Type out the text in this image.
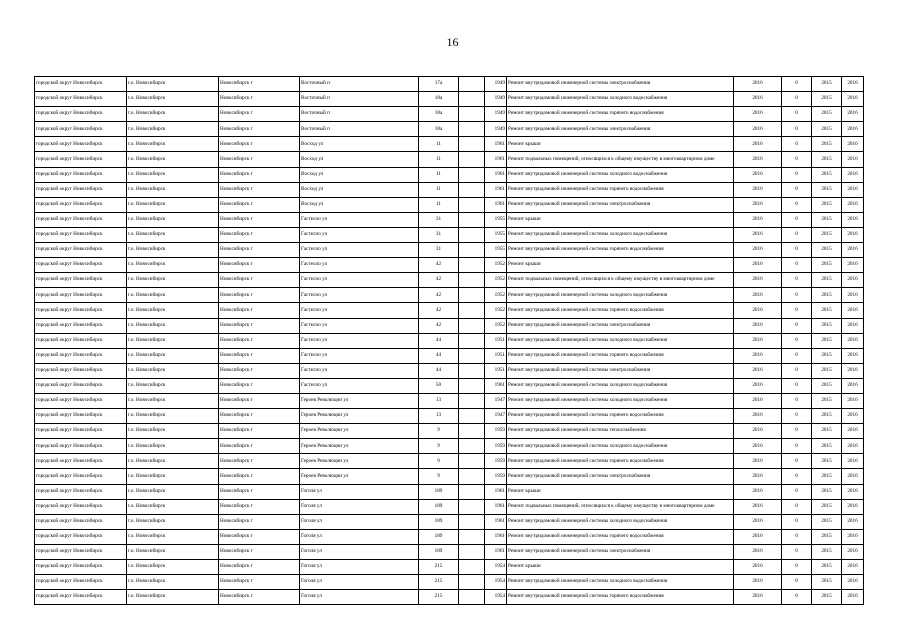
16
городской округ Новосибирск	г.о. Новосибирск	Новосибирск г	Восточный п	17а		1949	Ремонт внутридомовой инженерной системы электроснабжения	2016	0	2015	2016
городской округ Новосибирск	г.о. Новосибирск	Новосибирск г	Восточный п	18а		1949	Ремонт внутридомовой инженерной системы холодного водоснабжения	2016	0	2015	2016
городской округ Новосибирск	г.о. Новосибирск	Новосибирск г	Восточный п	18а		1949	Ремонт внутридомовой инженерной системы горячего водоснабжения	2016	0	2015	2016
городской округ Новосибирск	г.о. Новосибирск	Новосибирск г	Восточный п	18а		1949	Ремонт внутридомовой инженерной системы электроснабжения	2016	0	2015	2016
городской округ Новосибирск	г.о. Новосибирск	Новосибирск г	Восход ул	11		1961	Ремонт крыши	2016	0	2015	2016
городской округ Новосибирск	г.о. Новосибирск	Новосибирск г	Восход ул	11		1961	Ремонт подвальных помещений, относящихся к общему имуществу в многоквартирном доме	2016	0	2015	2016
городской округ Новосибирск	г.о. Новосибирск	Новосибирск г	Восход ул	11		1961	Ремонт внутридомовой инженерной системы холодного водоснабжения	2016	0	2015	2016
городской округ Новосибирск	г.о. Новосибирск	Новосибирск г	Восход ул	11		1961	Ремонт внутридомовой инженерной системы горячего водоснабжения	2016	0	2015	2016
городской округ Новосибирск	г.о. Новосибирск	Новосибирск г	Восход ул	11		1961	Ремонт внутридомовой инженерной системы электроснабжения	2016	0	2015	2016
городской округ Новосибирск	г.о. Новосибирск	Новосибирск г	Гастелло ул	31		1955	Ремонт крыши	2016	0	2015	2016
городской округ Новосибирск	г.о. Новосибирск	Новосибирск г	Гастелло ул	31		1955	Ремонт внутридомовой инженерной системы холодного водоснабжения	2016	0	2015	2016
городской округ Новосибирск	г.о. Новосибирск	Новосибирск г	Гастелло ул	31		1955	Ремонт внутридомовой инженерной системы горячего водоснабжения	2016	0	2015	2016
городской округ Новосибирск	г.о. Новосибирск	Новосибирск г	Гастелло ул	42		1952	Ремонт крыши	2016	0	2015	2016
городской округ Новосибирск	г.о. Новосибирск	Новосибирск г	Гастелло ул	42		1952	Ремонт подвальных помещений, относящихся к общему имуществу в многоквартирном доме	2016	0	2015	2016
городской округ Новосибирск	г.о. Новосибирск	Новосибирск г	Гастелло ул	42		1952	Ремонт внутридомовой инженерной системы холодного водоснабжения	2016	0	2015	2016
городской округ Новосибирск	г.о. Новосибирск	Новосибирск г	Гастелло ул	42		1952	Ремонт внутридомовой инженерной системы горячего водоснабжения	2016	0	2015	2016
городской округ Новосибирск	г.о. Новосибирск	Новосибирск г	Гастелло ул	42		1952	Ремонт внутридомовой инженерной системы электроснабжения	2016	0	2015	2016
городской округ Новосибирск	г.о. Новосибирск	Новосибирск г	Гастелло ул	44		1951	Ремонт внутридомовой инженерной системы холодного водоснабжения	2016	0	2015	2016
городской округ Новосибирск	г.о. Новосибирск	Новосибирск г	Гастелло ул	44		1951	Ремонт внутридомовой инженерной системы горячего водоснабжения	2016	0	2015	2016
городской округ Новосибирск	г.о. Новосибирск	Новосибирск г	Гастелло ул	44		1951	Ремонт внутридомовой инженерной системы электроснабжения	2016	0	2015	2016
городской округ Новосибирск	г.о. Новосибирск	Новосибирск г	Гастелло ул	50		1961	Ремонт внутридомовой инженерной системы холодного водоснабжения	2016	0	2015	2016
городской округ Новосибирск	г.о. Новосибирск	Новосибирск г	Героев Революции ул	13		1947	Ремонт внутридомовой инженерной системы холодного водоснабжения	2016	0	2015	2016
городской округ Новосибирск	г.о. Новосибирск	Новосибирск г	Героев Революции ул	13		1947	Ремонт внутридомовой инженерной системы горячего водоснабжения	2016	0	2015	2016
городской округ Новосибирск	г.о. Новосибирск	Новосибирск г	Героев Революции ул	9		1959	Ремонт внутридомовой инженерной системы теплоснабжения	2016	0	2015	2016
городской округ Новосибирск	г.о. Новосибирск	Новосибирск г	Героев Революции ул	9		1959	Ремонт внутридомовой инженерной системы холодного водоснабжения	2016	0	2015	2016
городской округ Новосибирск	г.о. Новосибирск	Новосибирск г	Героев Революции ул	9		1959	Ремонт внутридомовой инженерной системы горячего водоснабжения	2016	0	2015	2016
городской округ Новосибирск	г.о. Новосибирск	Новосибирск г	Героев Революции ул	9		1959	Ремонт внутридомовой инженерной системы электроснабжения	2016	0	2015	2016
городской округ Новосибирск	г.о. Новосибирск	Новосибирск г	Гоголя ул	189		1961	Ремонт крыши	2016	0	2015	2016
городской округ Новосибирск	г.о. Новосибирск	Новосибирск г	Гоголя ул	189		1961	Ремонт подвальных помещений, относящихся к общему имуществу в многоквартирном доме	2016	0	2015	2016
городской округ Новосибирск	г.о. Новосибирск	Новосибирск г	Гоголя ул	189		1961	Ремонт внутридомовой инженерной системы холодного водоснабжения	2016	0	2015	2016
городской округ Новосибирск	г.о. Новосибирск	Новосибирск г	Гоголя ул	189		1961	Ремонт внутридомовой инженерной системы горячего водоснабжения	2016	0	2015	2016
городской округ Новосибирск	г.о. Новосибирск	Новосибирск г	Гоголя ул	189		1961	Ремонт внутридомовой инженерной системы электроснабжения	2016	0	2015	2016
городской округ Новосибирск	г.о. Новосибирск	Новосибирск г	Гоголя ул	215		1954	Ремонт крыши	2016	0	2015	2016
городской округ Новосибирск	г.о. Новосибирск	Новосибирск г	Гоголя ул	215		1954	Ремонт внутридомовой инженерной системы холодного водоснабжения	2016	0	2015	2016
городской округ Новосибирск	г.о. Новосибирск	Новосибирск г	Гоголя ул	215		1954	Ремонт внутридомовой инженерной системы горячего водоснабжения	2016	0	2015	2016
